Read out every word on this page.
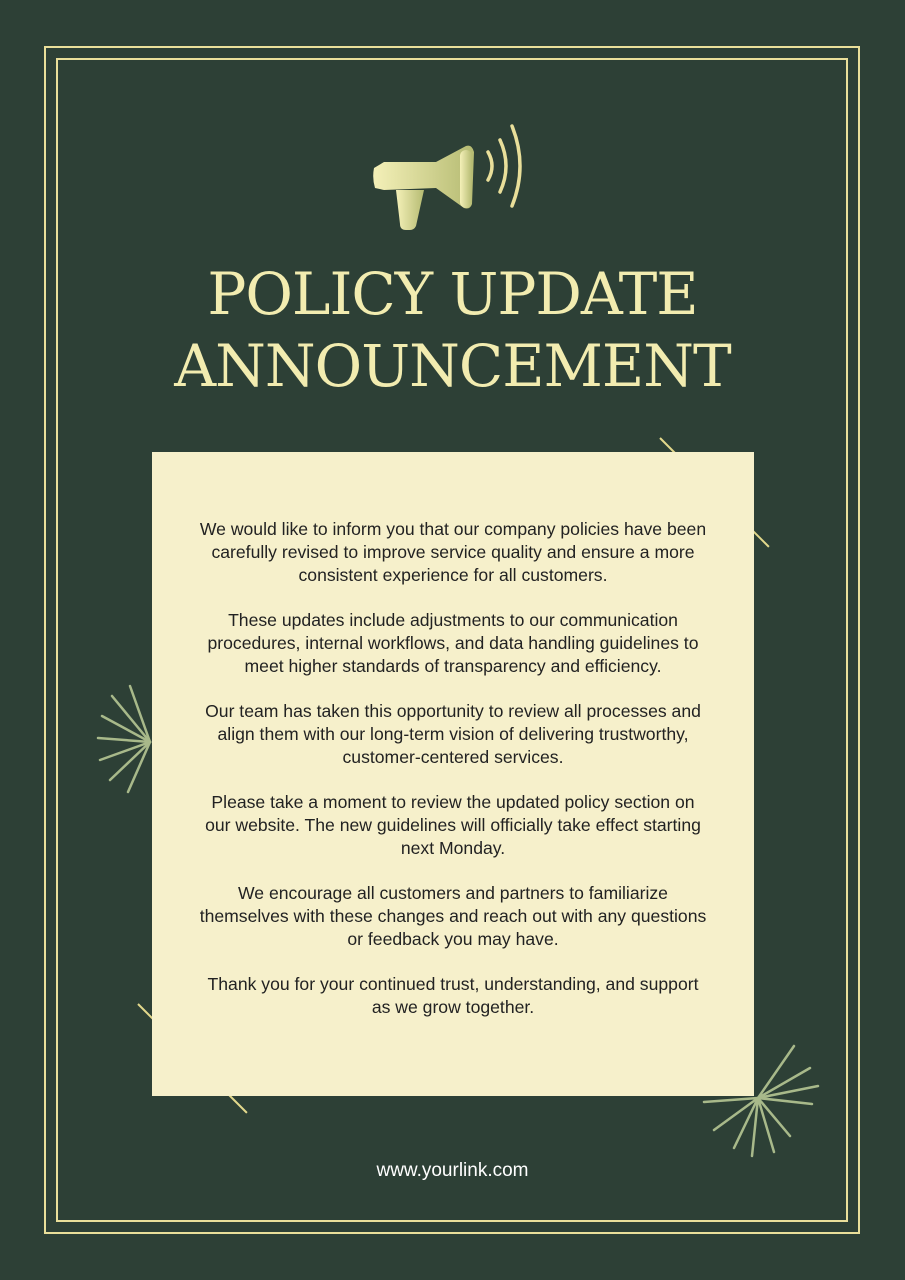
POLICY UPDATE
ANNOUNCEMENT

We would like to inform you that our company policies have been carefully revised to improve service quality and ensure a more consistent experience for all customers.

These updates include adjustments to our communication procedures, internal workflows, and data handling guidelines to meet higher standards of transparency and efficiency.

Our team has taken this opportunity to review all processes and align them with our long-term vision of delivering trustworthy, customer-centered services.

Please take a moment to review the updated policy section on our website. The new guidelines will officially take effect starting next Monday.

We encourage all customers and partners to familiarize themselves with these changes and reach out with any questions or feedback you may have.

Thank you for your continued trust, understanding, and support as we grow together.

www.yourlink.com
